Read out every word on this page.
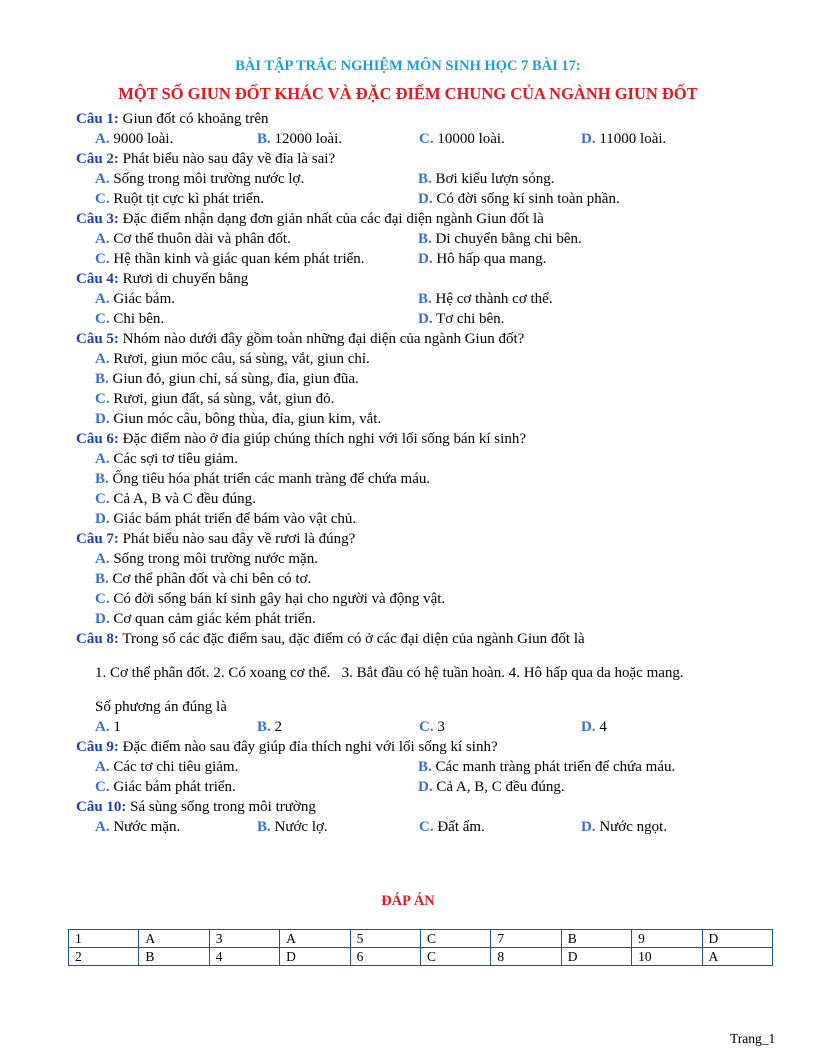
BÀI TẬP TRẮC NGHIỆM MÔN SINH HỌC 7 BÀI 17:
MỘT SỐ GIUN ĐỐT KHÁC VÀ ĐẶC ĐIỂM CHUNG CỦA NGÀNH GIUN ĐỐT
Câu 1: Giun đốt có khoảng trên
A. 9000 loài.	B. 12000 loài.	C. 10000 loài.	D. 11000 loài.
Câu 2: Phát biểu nào sau đây về đỉa là sai?
A. Sống trong môi trường nước lợ.	B. Bơi kiểu lượn sóng.
C. Ruột tịt cực kì phát triển.	D. Có đời sống kí sinh toàn phần.
Câu 3: Đặc điểm nhận dạng đơn giản nhất của các đại diện ngành Giun đốt là
A. Cơ thể thuôn dài và phân đốt.	B. Di chuyển bằng chi bên.
C. Hệ thần kinh và giác quan kém phát triển.	D. Hô hấp qua mang.
Câu 4: Rươi di chuyển bằng
A. Giác bám.	B. Hệ cơ thành cơ thể.
C. Chi bên.	D. Tơ chi bên.
Câu 5: Nhóm nào dưới đây gồm toàn những đại diện của ngành Giun đốt?
A. Rươi, giun móc câu, sá sùng, vắt, giun chỉ.
B. Giun đỏ, giun chỉ, sá sùng, đỉa, giun đũa.
C. Rươi, giun đất, sá sùng, vắt, giun đỏ.
D. Giun móc câu, bông thùa, đỉa, giun kim, vắt.
Câu 6: Đặc điểm nào ở đỉa giúp chúng thích nghi với lối sống bán kí sinh?
A. Các sợi tơ tiêu giảm.
B. Ống tiêu hóa phát triển các manh tràng để chứa máu.
C. Cả A, B và C đều đúng.
D. Giác bám phát triển để bám vào vật chủ.
Câu 7: Phát biểu nào sau đây về rươi là đúng?
A. Sống trong môi trường nước mặn.
B. Cơ thể phân đốt và chi bên có tơ.
C. Có đời sống bán kí sinh gây hại cho người và động vật.
D. Cơ quan cảm giác kém phát triển.
Câu 8: Trong số các đặc điểm sau, đặc điểm có ở các đại diện của ngành Giun đốt là
1. Cơ thể phân đốt. 2. Có xoang cơ thể.   3. Bắt đầu có hệ tuần hoàn. 4. Hô hấp qua da hoặc mang.
Số phương án đúng là
A. 1	B. 2	C. 3	D. 4
Câu 9: Đặc điểm nào sau đây giúp đỉa thích nghi với lối sống kí sinh?
A. Các tơ chi tiêu giảm.	B. Các manh tràng phát triển để chứa máu.
C. Giác bám phát triển.	D. Cả A, B, C đều đúng.
Câu 10: Sá sùng sống trong môi trường
A. Nước mặn.	B. Nước lợ.	C. Đất ẩm.	D. Nước ngọt.
ĐÁP ÁN
1	A	3	A	5	C	7	B	9	D
2	B	4	D	6	C	8	D	10	A
Trang_1
